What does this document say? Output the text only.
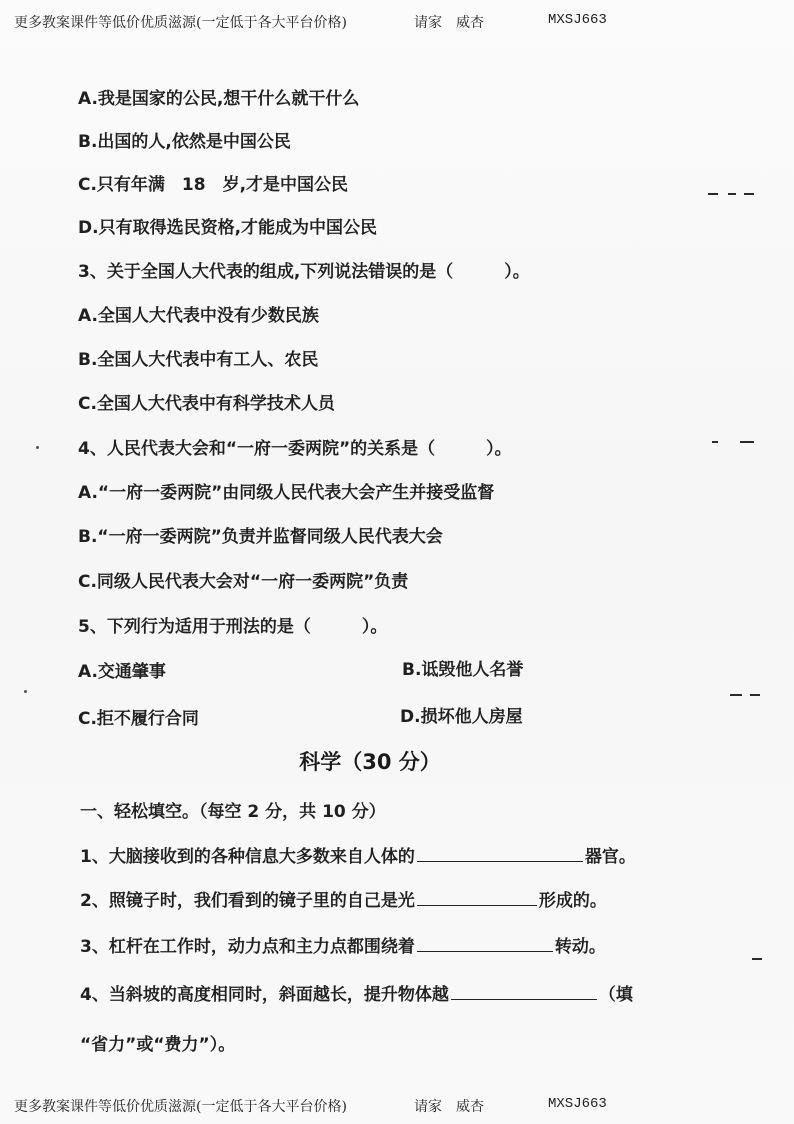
更多教案课件等低价优质滋源(一定低于各大平台价格)	请家　威杏	MXSJ663
A.我是国家的公民,想干什么就干什么
B.出国的人,依然是中国公民
C.只有年满　18　岁,才是中国公民
D.只有取得选民资格,才能成为中国公民
3、关于全国人大代表的组成,下列说法错误的是（　　　）。
A.全国人大代表中没有少数民族
B.全国人大代表中有工人、农民
C.全国人大代表中有科学技术人员
4、人民代表大会和“一府一委两院”的关系是（　　　）。
A.“一府一委两院”由同级人民代表大会产生并接受监督
B.“一府一委两院”负责并监督同级人民代表大会
C.同级人民代表大会对“一府一委两院”负责
5、下列行为适用于刑法的是（　　　）。
A.交通肇事	B.诋毁他人名誉
C.拒不履行合同	D.损坏他人房屋
科学（30 分）
一、轻松填空。（每空 2 分，共 10 分）
1、大脑接收到的各种信息大多数来自人体的	器官。
2、照镜子时，我们看到的镜子里的自己是光	形成的。
3、杠杆在工作时，动力点和主力点都围绕着	转动。
4、当斜坡的高度相同时，斜面越长，提升物体越	（填
“省力”或“费力”）。
更多教案课件等低价优质滋源(一定低于各大平台价格)	请家　威杏	MXSJ663
